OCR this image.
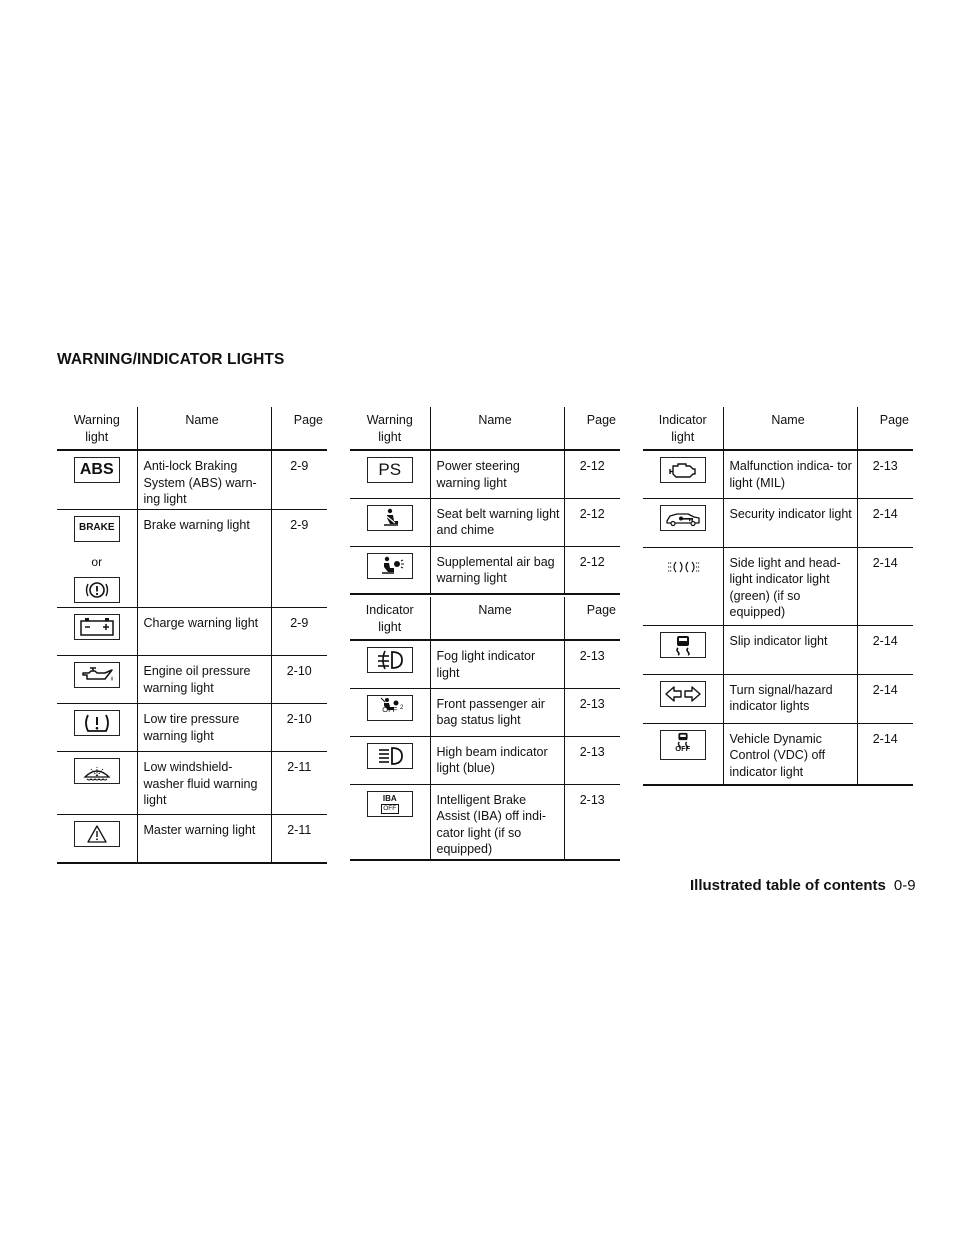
WARNING/INDICATOR LIGHTS
Warning light	Name	Page

ABS	Anti-lock Braking System (ABS) warn- ing light	2-9

BRAKE
or	Brake warning light	2-9

	Charge warning light	2-9

	Engine oil pressure warning light	2-10

	Low tire pressure warning light	2-10

	Low windshield- washer fluid warning light	2-11

	Master warning light	2-11
Warning light	Name	Page

PS	Power steering warning light	2-12

	Seat belt warning light and chime	2-12

	Supplemental air bag warning light	2-12
Indicator light	Name	Page

	Fog light indicator light	2-13

2
OFF	Front passenger air bag status light	2-13

	High beam indicator light (blue)	2-13

IBA
OFF	Intelligent Brake Assist (IBA) off indi- cator light (if so equipped)	2-13
Indicator light	Name	Page

	Malfunction indica- tor light (MIL)	2-13

	Security indicator light	2-14

	Side light and head- light indicator light (green) (if so equipped)	2-14

	Slip indicator light	2-14

	Turn signal/hazard indicator lights	2-14

OFF	Vehicle Dynamic Control (VDC) off indicator light	2-14
Illustrated table of contents 0-9
